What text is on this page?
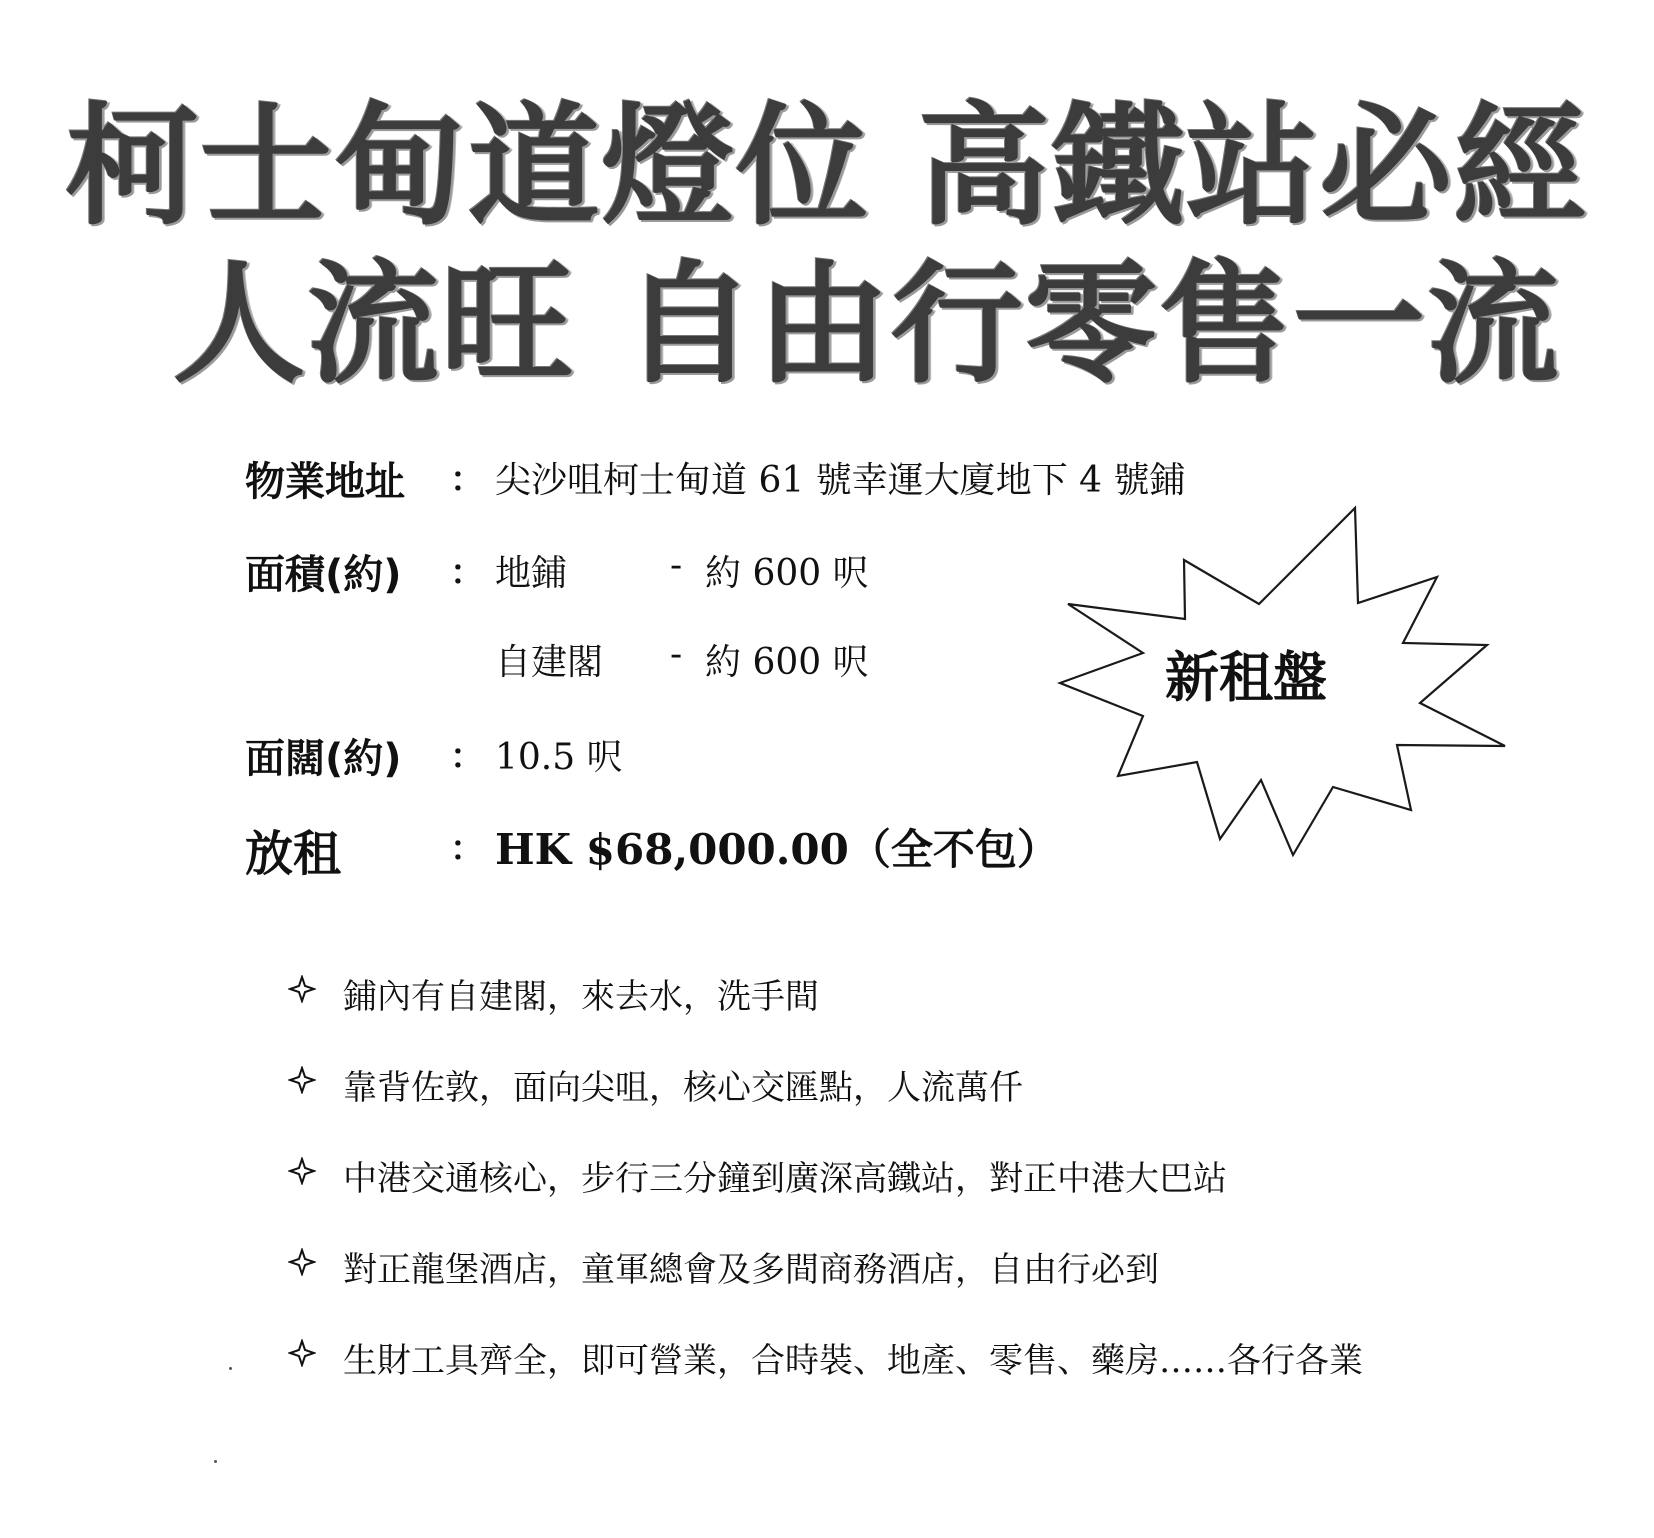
柯士甸道燈位 高鐵站必經
人流旺 自由行零售一流
物業地址 ： 尖沙咀柯士甸道 61 號幸運大廈地下 4 號鋪
面積(約) ： 地鋪	- 約 600 呎
自建閣 - 約 600 呎
面闊(約) ： 10.5 呎
放租	： HK $68,000.00（全不包）
新租盤
鋪內有自建閣，來去水，洗手間
靠背佐敦，面向尖咀，核心交匯點，人流萬仟
中港交通核心，步行三分鐘到廣深高鐵站，對正中港大巴站
對正龍堡酒店，童軍總會及多間商務酒店，自由行必到
生財工具齊全，即可營業，合時裝、地產、零售、藥房……各行各業
